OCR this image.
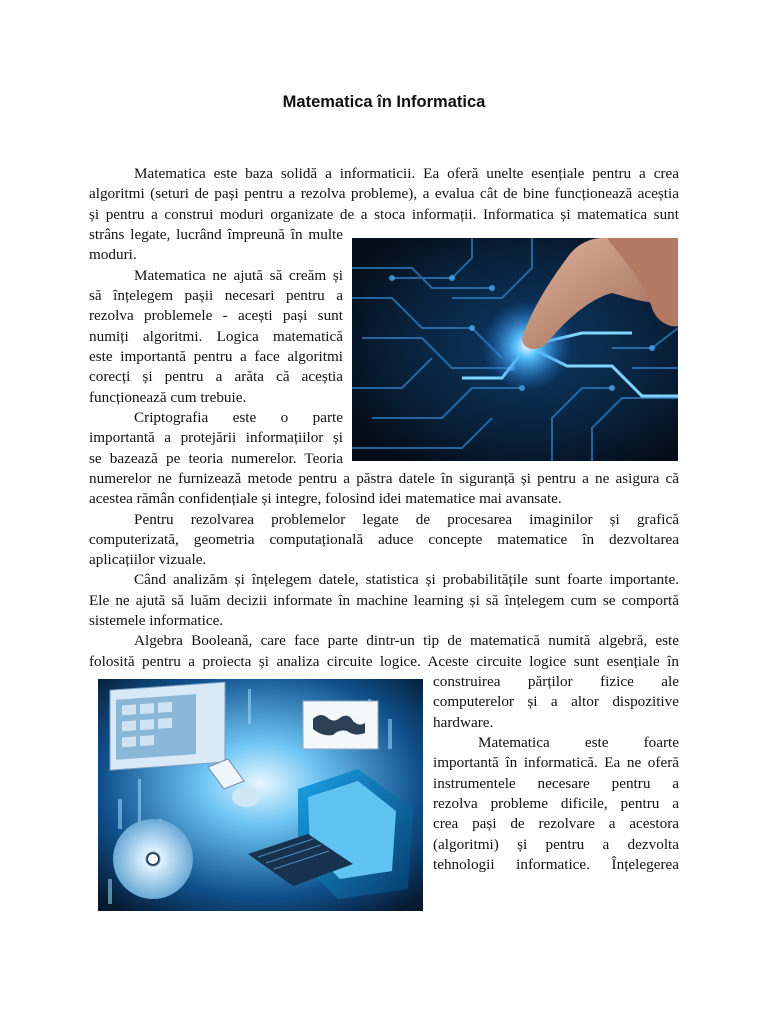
Matematica în Informatica
Matematica este baza solidă a informaticii. Ea oferă unelte esențiale pentru a crea
algoritmi (seturi de pași pentru a rezolva probleme), a evalua cât de bine funcționează aceștia
și pentru a construi moduri organizate de a stoca informații. Informatica și matematica sunt
strâns legate, lucrând împreună în multe
moduri.
Matematica ne ajută să creăm și
să înțelegem pașii necesari pentru a
rezolva problemele - acești pași sunt
numiți algoritmi. Logica matematică
este importantă pentru a face algoritmi
corecți și pentru a arăta că aceștia
funcționează cum trebuie.
Criptografia este o parte
importantă a protejării informațiilor și
se bazează pe teoria numerelor. Teoria
numerelor ne furnizează metode pentru a păstra datele în siguranță și pentru a ne asigura că
acestea rămân confidențiale și integre, folosind idei matematice mai avansate.
Pentru rezolvarea problemelor legate de procesarea imaginilor și grafică
computerizată, geometria computațională aduce concepte matematice în dezvoltarea
aplicațiilor vizuale.
Când analizăm și înțelegem datele, statistica și probabilitățile sunt foarte importante.
Ele ne ajută să luăm decizii informate în machine learning și să înțelegem cum se comportă
sistemele informatice.
Algebra Booleană, care face parte dintr-un tip de matematică numită algebră, este
folosită pentru a proiecta și analiza circuite logice. Aceste circuite logice sunt esențiale în
construirea părților fizice ale
computerelor și a altor dispozitive
hardware.
Matematica este foarte
importantă în informatică. Ea ne oferă
instrumentele necesare pentru a
rezolva probleme dificile, pentru a
crea pași de rezolvare a acestora
(algoritmi) și pentru a dezvolta
tehnologii informatice. Înțelegerea
